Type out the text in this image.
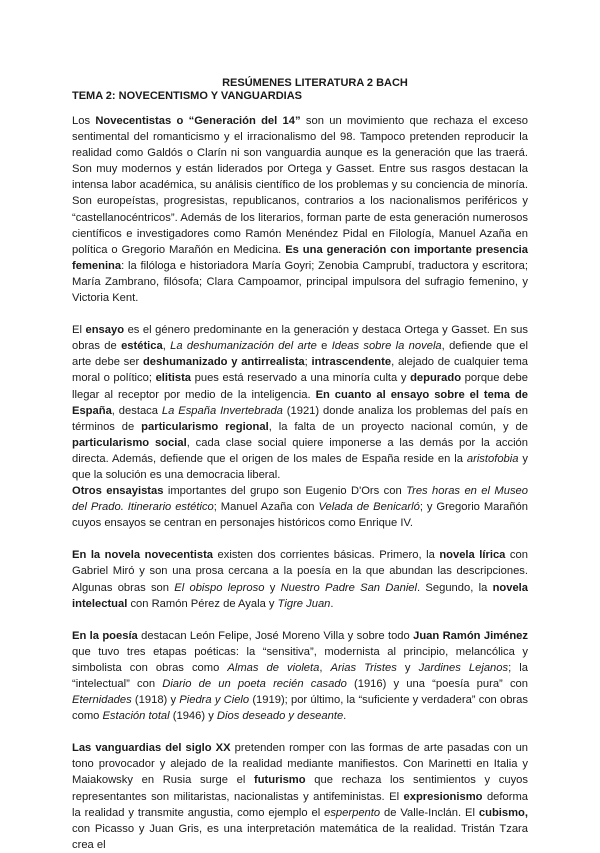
RESÚMENES LITERATURA 2 BACH
TEMA 2: NOVECENTISMO Y VANGUARDIAS

Los Novecentistas o “Generación del 14” son un movimiento que rechaza el exceso sentimental del romanticismo y el irracionalismo del 98. Tampoco pretenden reproducir la realidad como Galdós o Clarín ni son vanguardia aunque es la generación que las traerá. Son muy modernos y están liderados por Ortega y Gasset. Entre sus rasgos destacan la intensa labor académica, su análisis científico de los problemas y su conciencia de minoría. Son europeístas, progresistas, republicanos, contrarios a los nacionalismos periféricos y “castellanocéntricos”. Además de los literarios, forman parte de esta generación numerosos científicos e investigadores como Ramón Menéndez Pidal en Filología, Manuel Azaña en política o Gregorio Marañón en Medicina. Es una generación con importante presencia femenina: la filóloga e historiadora María Goyri; Zenobia Camprubí, traductora y escritora; María Zambrano, filósofa; Clara Campoamor, principal impulsora del sufragio femenino, y Victoria Kent.

El ensayo es el género predominante en la generación y destaca Ortega y Gasset. En sus obras de estética, La deshumanización del arte e Ideas sobre la novela, defiende que el arte debe ser deshumanizado y antirrealista; intrascendente, alejado de cualquier tema moral o político; elitista pues está reservado a una minoría culta y depurado porque debe llegar al receptor por medio de la inteligencia. En cuanto al ensayo sobre el tema de España, destaca La España Invertebrada (1921) donde analiza los problemas del país en términos de particularismo regional, la falta de un proyecto nacional común, y de particularismo social, cada clase social quiere imponerse a las demás por la acción directa. Además, defiende que el origen de los males de España reside en la aristofobia y que la solución es una democracia liberal.

Otros ensayistas importantes del grupo son Eugenio D'Ors con Tres horas en el Museo del Prado. Itinerario estético; Manuel Azaña con Velada de Benicarló; y Gregorio Marañón cuyos ensayos se centran en personajes históricos como Enrique IV.

En la novela novecentista existen dos corrientes básicas. Primero, la novela lírica con Gabriel Miró y son una prosa cercana a la poesía en la que abundan las descripciones. Algunas obras son El obispo leproso y Nuestro Padre San Daniel. Segundo, la novela intelectual con Ramón Pérez de Ayala y Tigre Juan.

En la poesía destacan León Felipe, José Moreno Villa y sobre todo Juan Ramón Jiménez que tuvo tres etapas poéticas: la “sensitiva”, modernista al principio, melancólica y simbolista con obras como Almas de violeta, Arias Tristes y Jardines Lejanos; la “intelectual” con Diario de un poeta recién casado (1916) y una “poesía pura” con Eternidades (1918) y Piedra y Cielo (1919); por último, la “suficiente y verdadera” con obras como Estación total (1946) y Dios deseado y deseante.

Las vanguardias del siglo XX pretenden romper con las formas de arte pasadas con un tono provocador y alejado de la realidad mediante manifiestos. Con Marinetti en Italia y Maiakowsky en Rusia surge el futurismo que rechaza los sentimientos y cuyos representantes son militaristas, nacionalistas y antifeministas. El expresionismo deforma la realidad y transmite angustia, como ejemplo el esperpento de Valle-Inclán. El cubismo, con Picasso y Juan Gris, es una interpretación matemática de la realidad. Tristán Tzara crea el
